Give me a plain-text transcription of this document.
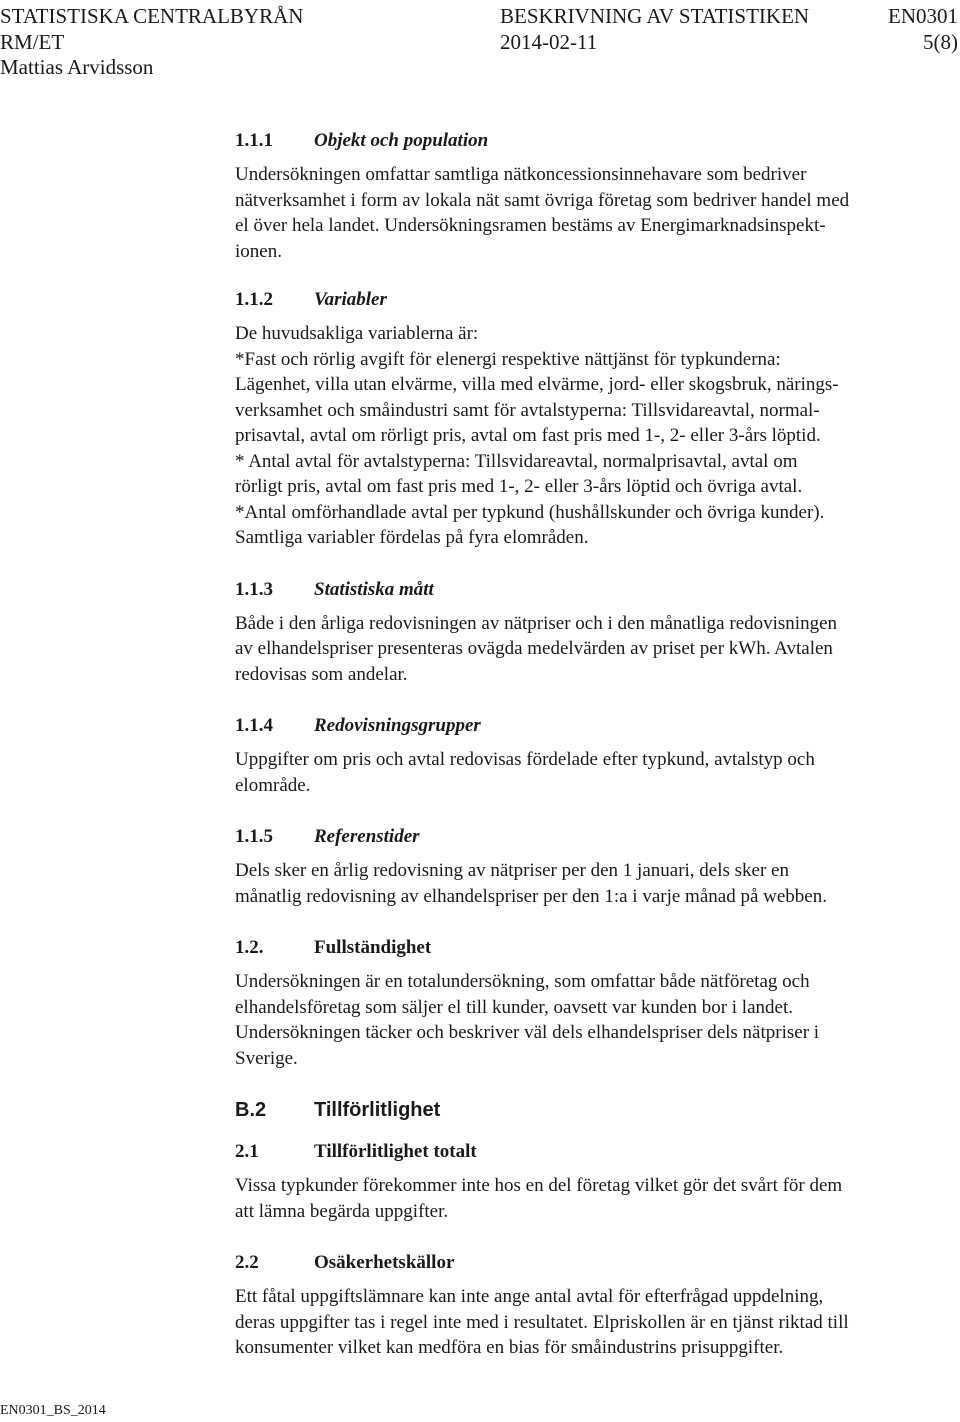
STATISTISKA CENTRALBYRÅN	BESKRIVNING AV STATISTIKEN	EN0301
RM/ET	2014-02-11	5(8)
Mattias Arvidsson
1.1.1	Objekt och population

Undersökningen omfattar samtliga nätkoncessionsinnehavare som bedriver
nätverksamhet i form av lokala nät samt övriga företag som bedriver handel med
el över hela landet. Undersökningsramen bestäms av Energimarknadsinspekt-
ionen.

1.1.2	Variabler

De huvudsakliga variablerna är:
*Fast och rörlig avgift för elenergi respektive nättjänst för typkunderna:
Lägenhet, villa utan elvärme, villa med elvärme, jord- eller skogsbruk, närings-
verksamhet och småindustri samt för avtalstyperna: Tillsvidareavtal, normal-
prisavtal, avtal om rörligt pris, avtal om fast pris med 1-, 2- eller 3-års löptid.
* Antal avtal för avtalstyperna: Tillsvidareavtal, normalprisavtal, avtal om
rörligt pris, avtal om fast pris med 1-, 2- eller 3-års löptid och övriga avtal.
*Antal omförhandlade avtal per typkund (hushållskunder och övriga kunder).
Samtliga variabler fördelas på fyra elområden.

1.1.3	Statistiska mått

Både i den årliga redovisningen av nätpriser och i den månatliga redovisningen
av elhandelspriser presenteras ovägda medelvärden av priset per kWh. Avtalen
redovisas som andelar.

1.1.4	Redovisningsgrupper

Uppgifter om pris och avtal redovisas fördelade efter typkund, avtalstyp och
elområde.

1.1.5	Referenstider

Dels sker en årlig redovisning av nätpriser per den 1 januari, dels sker en
månatlig redovisning av elhandelspriser per den 1:a i varje månad på webben.

1.2.	Fullständighet

Undersökningen är en totalundersökning, som omfattar både nätföretag och
elhandelsföretag som säljer el till kunder, oavsett var kunden bor i landet.
Undersökningen täcker och beskriver väl dels elhandelspriser dels nätpriser i
Sverige.

B.2	Tillförlitlighet
2.1	Tillförlitlighet totalt

Vissa typkunder förekommer inte hos en del företag vilket gör det svårt för dem
att lämna begärda uppgifter.

2.2	Osäkerhetskällor

Ett fåtal uppgiftslämnare kan inte ange antal avtal för efterfrågad uppdelning,
deras uppgifter tas i regel inte med i resultatet. Elpriskollen är en tjänst riktad till
konsumenter vilket kan medföra en bias för småindustrins prisuppgifter.

EN0301_BS_2014
